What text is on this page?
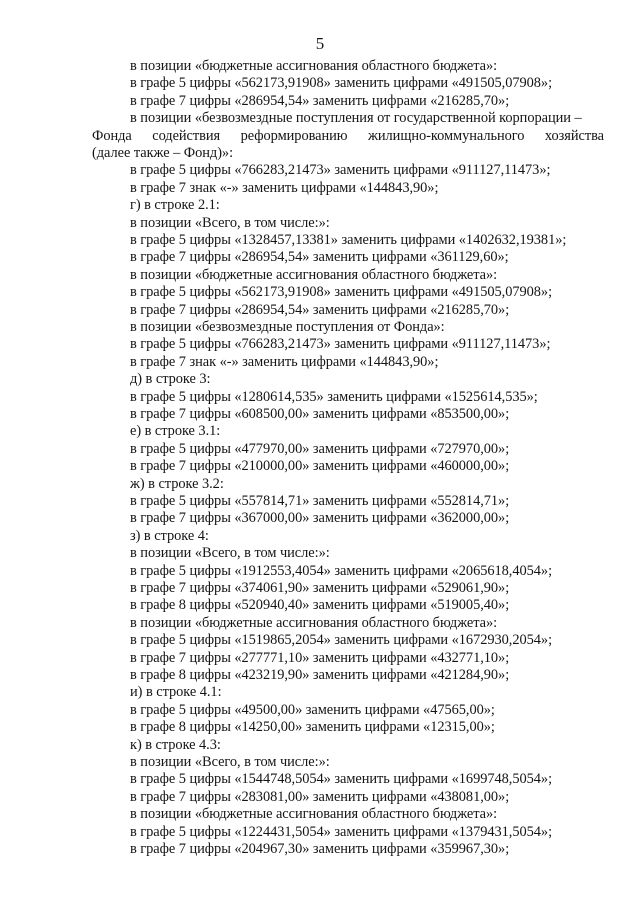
5
в позиции «бюджетные ассигнования областного бюджета»:
в графе 5 цифры «562173,91908» заменить цифрами «491505,07908»;
в графе 7 цифры «286954,54» заменить цифрами «216285,70»;
в позиции «безвозмездные поступления от государственной корпорации –
Фонда содействия реформированию жилищно-коммунального хозяйства
(далее также – Фонд)»:
в графе 5 цифры «766283,21473» заменить цифрами «911127,11473»;
в графе 7 знак «-» заменить цифрами «144843,90»;
г) в строке 2.1:
в позиции «Всего, в том числе:»:
в графе 5 цифры «1328457,13381» заменить цифрами «1402632,19381»;
в графе 7 цифры «286954,54» заменить цифрами «361129,60»;
в позиции «бюджетные ассигнования областного бюджета»:
в графе 5 цифры «562173,91908» заменить цифрами «491505,07908»;
в графе 7 цифры «286954,54» заменить цифрами «216285,70»;
в позиции «безвозмездные поступления от Фонда»:
в графе 5 цифры «766283,21473» заменить цифрами «911127,11473»;
в графе 7 знак «-» заменить цифрами «144843,90»;
д) в строке 3:
в графе 5 цифры «1280614,535» заменить цифрами «1525614,535»;
в графе 7 цифры «608500,00» заменить цифрами «853500,00»;
е) в строке 3.1:
в графе 5 цифры «477970,00» заменить цифрами «727970,00»;
в графе 7 цифры «210000,00» заменить цифрами «460000,00»;
ж) в строке 3.2:
в графе 5 цифры «557814,71» заменить цифрами «552814,71»;
в графе 7 цифры «367000,00» заменить цифрами «362000,00»;
з) в строке 4:
в позиции «Всего, в том числе:»:
в графе 5 цифры «1912553,4054» заменить цифрами «2065618,4054»;
в графе 7 цифры «374061,90» заменить цифрами «529061,90»;
в графе 8 цифры «520940,40» заменить цифрами «519005,40»;
в позиции «бюджетные ассигнования областного бюджета»:
в графе 5 цифры «1519865,2054» заменить цифрами «1672930,2054»;
в графе 7 цифры «277771,10» заменить цифрами «432771,10»;
в графе 8 цифры «423219,90» заменить цифрами «421284,90»;
и) в строке 4.1:
в графе 5 цифры «49500,00» заменить цифрами «47565,00»;
в графе 8 цифры «14250,00» заменить цифрами «12315,00»;
к) в строке 4.3:
в позиции «Всего, в том числе:»:
в графе 5 цифры «1544748,5054» заменить цифрами «1699748,5054»;
в графе 7 цифры «283081,00» заменить цифрами «438081,00»;
в позиции «бюджетные ассигнования областного бюджета»:
в графе 5 цифры «1224431,5054» заменить цифрами «1379431,5054»;
в графе 7 цифры «204967,30» заменить цифрами «359967,30»;
